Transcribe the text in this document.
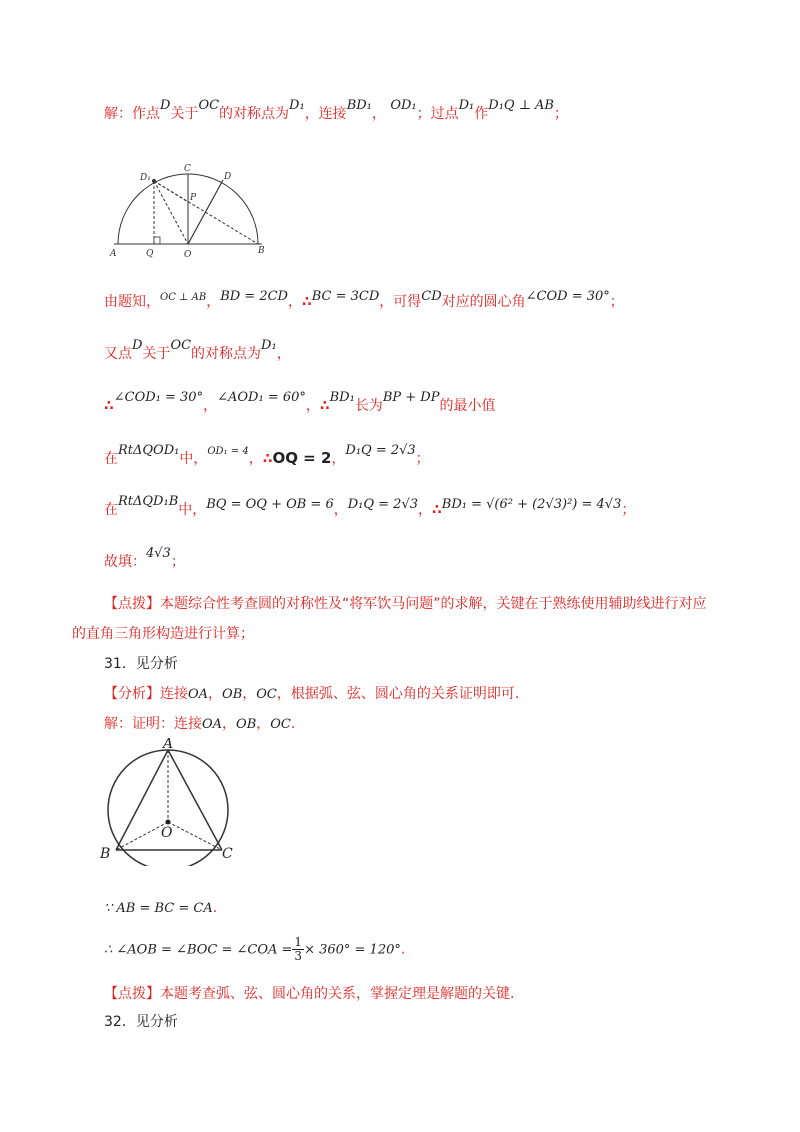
解：作点D关于OC的对称点为D₁，连接BD₁， OD₁；过点D₁作D₁Q ⊥ AB；
D₁
C
D
P
A	Q	O	B
由题知，$^{OC \perp AB}$，BD = 2CD，∴BC = 3CD，可得CD对应的圆心角∠COD = 30°；
又点D关于OC的对称点为D₁，
∴∠COD₁ = 30°，∠AOD₁ = 60°，∴BD₁长为BP + DP的最小值
在RtΔQOD₁中，$^{OD_1 = 4}$，∴OQ = 2，D₁Q = 2√3；
在RtΔQD₁B中，BQ = OQ + OB = 6，D₁Q = 2√3，∴BD₁ = √(6² + (2√3)²) = 4√3；
故填：4√3；
【点拨】本题综合性考查圆的对称性及“将军饮马问题”的求解，关键在于熟练使用辅助线进行对应
的直角三角形构造进行计算；
31．见分析
【分析】连接OA，OB，OC，根据弧、弦、圆心角的关系证明即可.
解：证明：连接OA，OB，OC.
A
B	C
O
∵ AB = BC = CA.
∴ ∠AOB = ∠BOC = ∠COA = $\frac{1}{3} \times 360^\circ = 120^\circ$.
【点拨】本题考查弧、弦、圆心角的关系，掌握定理是解题的关键.
32．见分析
